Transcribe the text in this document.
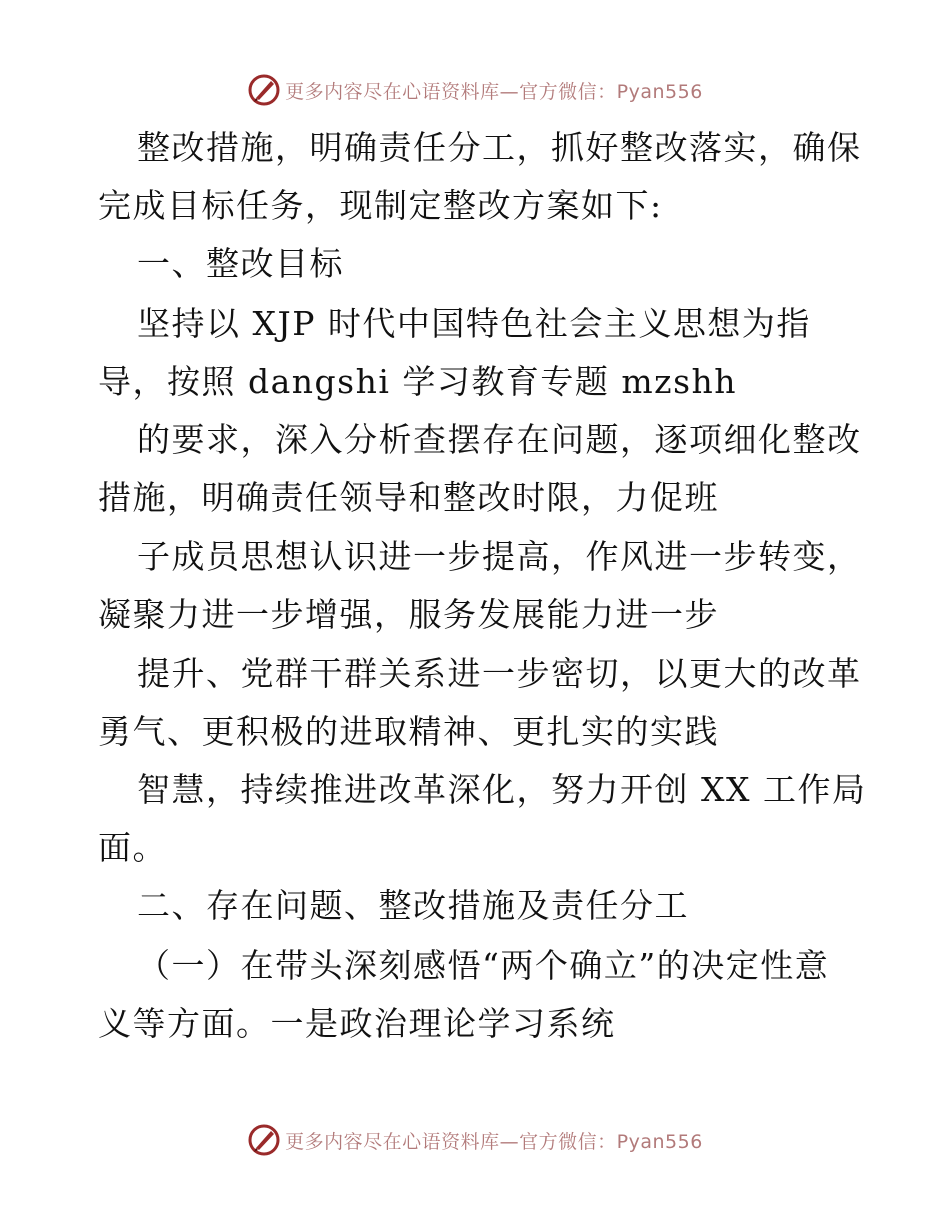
更多内容尽在心语资料库—官方微信：Pyan556
整改措施，明确责任分工，抓好整改落实，确保
完成目标任务，现制定整改方案如下:
一、整改目标
坚持以 XJP 时代中国特色社会主义思想为指
导，按照 dangshi 学习教育专题 mzshh
的要求，深入分析查摆存在问题，逐项细化整改
措施，明确责任领导和整改时限，力促班
子成员思想认识进一步提高，作风进一步转变，
凝聚力进一步增强，服务发展能力进一步
提升、党群干群关系进一步密切，以更大的改革
勇气、更积极的进取精神、更扎实的实践
智慧，持续推进改革深化，努力开创 XX 工作局
面。
二、存在问题、整改措施及责任分工
（一）在带头深刻感悟“两个确立”的决定性意
义等方面。一是政治理论学习系统
更多内容尽在心语资料库—官方微信：Pyan556
